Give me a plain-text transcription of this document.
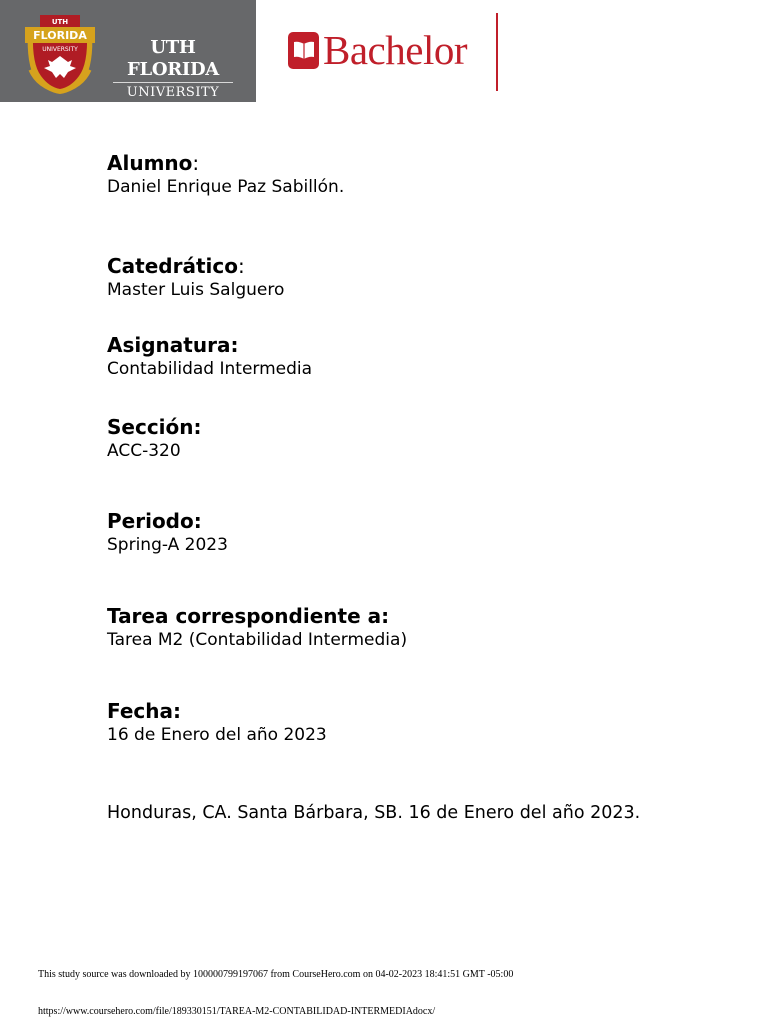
UTH
FLORIDA
UNIVERSITY	UTH FLORIDA
UNIVERSITY
Bachelor
Alumno:
Daniel Enrique Paz Sabillón.
Catedrático:
Master Luis Salguero
Asignatura:
Contabilidad Intermedia
Sección:
ACC-320
Periodo:
Spring-A 2023
Tarea correspondiente a:
Tarea M2 (Contabilidad Intermedia)
Fecha:
16 de Enero del año 2023
Honduras, CA. Santa Bárbara, SB. 16 de Enero del año 2023.
This study source was downloaded by 100000799197067 from CourseHero.com on 04-02-2023 18:41:51 GMT -05:00
https://www.coursehero.com/file/189330151/TAREA-M2-CONTABILIDAD-INTERMEDIAdocx/
